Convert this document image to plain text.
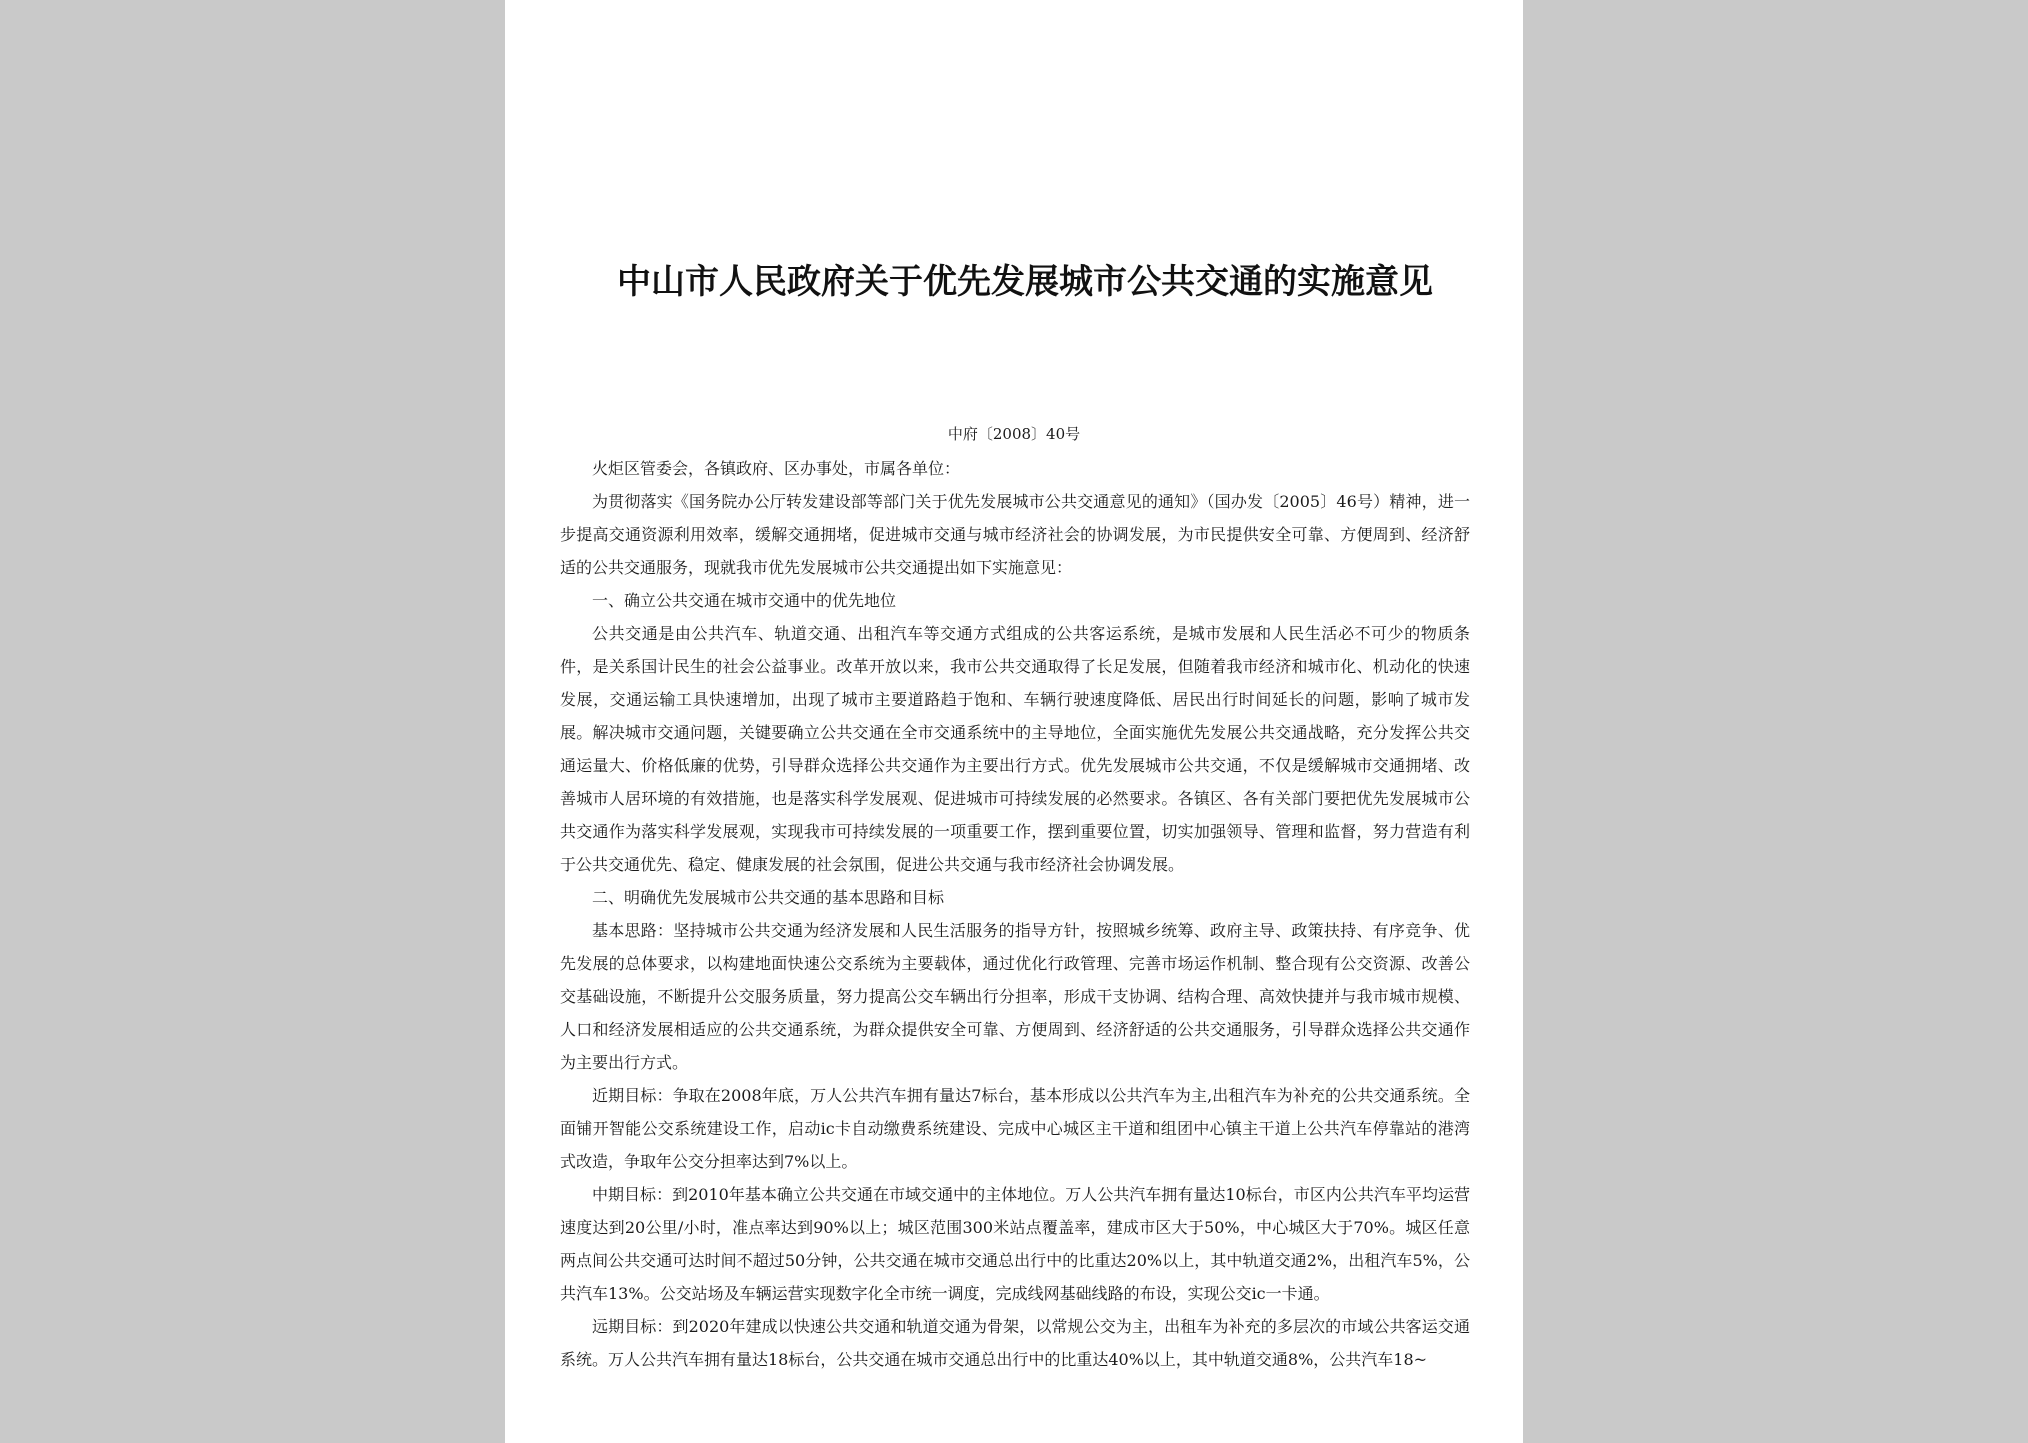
中山市人民政府关于优先发展城市公共交通的实施意见
中府〔2008〕40号

火炬区管委会，各镇政府、区办事处，市属各单位：

为贯彻落实《国务院办公厅转发建设部等部门关于优先发展城市公共交通意见的通知》（国办发〔2005〕46号）精神，进一步提高交通资源利用效率，缓解交通拥堵，促进城市交通与城市经济社会的协调发展，为市民提供安全可靠、方便周到、经济舒适的公共交通服务，现就我市优先发展城市公共交通提出如下实施意见：

一、确立公共交通在城市交通中的优先地位

公共交通是由公共汽车、轨道交通、出租汽车等交通方式组成的公共客运系统，是城市发展和人民生活必不可少的物质条件，是关系国计民生的社会公益事业。改革开放以来，我市公共交通取得了长足发展，但随着我市经济和城市化、机动化的快速发展，交通运输工具快速增加，出现了城市主要道路趋于饱和、车辆行驶速度降低、居民出行时间延长的问题，影响了城市发展。解决城市交通问题，关键要确立公共交通在全市交通系统中的主导地位，全面实施优先发展公共交通战略，充分发挥公共交通运量大、价格低廉的优势，引导群众选择公共交通作为主要出行方式。优先发展城市公共交通，不仅是缓解城市交通拥堵、改善城市人居环境的有效措施，也是落实科学发展观、促进城市可持续发展的必然要求。各镇区、各有关部门要把优先发展城市公共交通作为落实科学发展观，实现我市可持续发展的一项重要工作，摆到重要位置，切实加强领导、管理和监督，努力营造有利于公共交通优先、稳定、健康发展的社会氛围，促进公共交通与我市经济社会协调发展。

二、明确优先发展城市公共交通的基本思路和目标

基本思路：坚持城市公共交通为经济发展和人民生活服务的指导方针，按照城乡统筹、政府主导、政策扶持、有序竞争、优先发展的总体要求，以构建地面快速公交系统为主要载体，通过优化行政管理、完善市场运作机制、整合现有公交资源、改善公交基础设施，不断提升公交服务质量，努力提高公交车辆出行分担率，形成干支协调、结构合理、高效快捷并与我市城市规模、人口和经济发展相适应的公共交通系统，为群众提供安全可靠、方便周到、经济舒适的公共交通服务，引导群众选择公共交通作为主要出行方式。

近期目标：争取在2008年底，万人公共汽车拥有量达7标台，基本形成以公共汽车为主,出租汽车为补充的公共交通系统。全面铺开智能公交系统建设工作，启动ic卡自动缴费系统建设、完成中心城区主干道和组团中心镇主干道上公共汽车停靠站的港湾式改造，争取年公交分担率达到7%以上。

中期目标：到2010年基本确立公共交通在市域交通中的主体地位。万人公共汽车拥有量达10标台，市区内公共汽车平均运营速度达到20公里/小时，准点率达到90%以上；城区范围300米站点覆盖率，建成市区大于50%，中心城区大于70%。城区任意两点间公共交通可达时间不超过50分钟，公共交通在城市交通总出行中的比重达20%以上，其中轨道交通2%，出租汽车5%，公共汽车13%。公交站场及车辆运营实现数字化全市统一调度，完成线网基础线路的布设，实现公交ic一卡通。

远期目标：到2020年建成以快速公共交通和轨道交通为骨架，以常规公交为主，出租车为补充的多层次的市域公共客运交通系统。万人公共汽车拥有量达18标台，公共交通在城市交通总出行中的比重达40%以上，其中轨道交通8%，公共汽车18~
